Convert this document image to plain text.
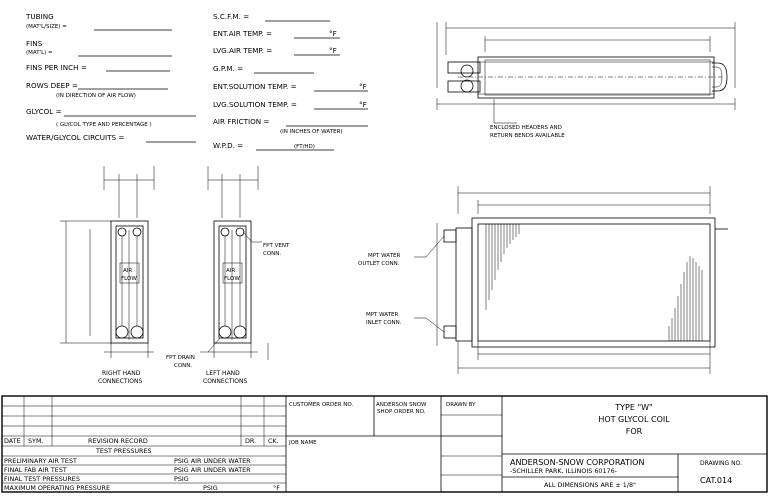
TUBING
(MAT'L/SIZE) =
FINS
(MAT'L) =
FINS PER INCH =
ROWS DEEP =
(IN DIRECTION OF AIR FLOW)
GLYCOL =
( GLYCOL TYPE AND PERCENTAGE )
WATER/GLYCOL CIRCUITS =
S.C.F.M. =
ENT.AIR TEMP. =	°F
LVG.AIR TEMP. =	°F
G.P.M. =
ENT.SOLUTION TEMP. =	°F
LVG.SOLUTION TEMP. =	°F
AIR FRICTION =
(IN INCHES OF WATER)
W.P.D. =	(FT/HD)
ENCLOSED HEADERS AND
RETURN BENDS AVAILABLE
AIR
FLOW
RIGHT HAND
CONNECTIONS
AIR
FLOW
FPT VENT
CONN.
FPT DRAIN
CONN.
LEFT HAND
CONNECTIONS
MPT WATER
OUTLET CONN.
MPT WATER
INLET CONN.
DATE SYM.	REVISION RECORD	DR. CK.
TEST PRESSURES
PRELIMINARY AIR TEST	PSIG AIR UNDER WATER
FINAL FAB AIR TEST	PSIG AIR UNDER WATER
FINAL TEST PRESSURES	PSIG
MAXIMUM OPERATING PRESSURE	PSIG	°F
CUSTOMER ORDER NO.	ANDERSON SNOW
SHOP ORDER NO.
DRAWN BY
JOB NAME
TYPE "W"
HOT GLYCOL COIL
FOR
ANDERSON-SNOW CORPORATION
-SCHILLER PARK, ILLINOIS 60176-
ALL DIMENSIONS ARE ± 1/8"
DRAWING NO.
CAT.014
